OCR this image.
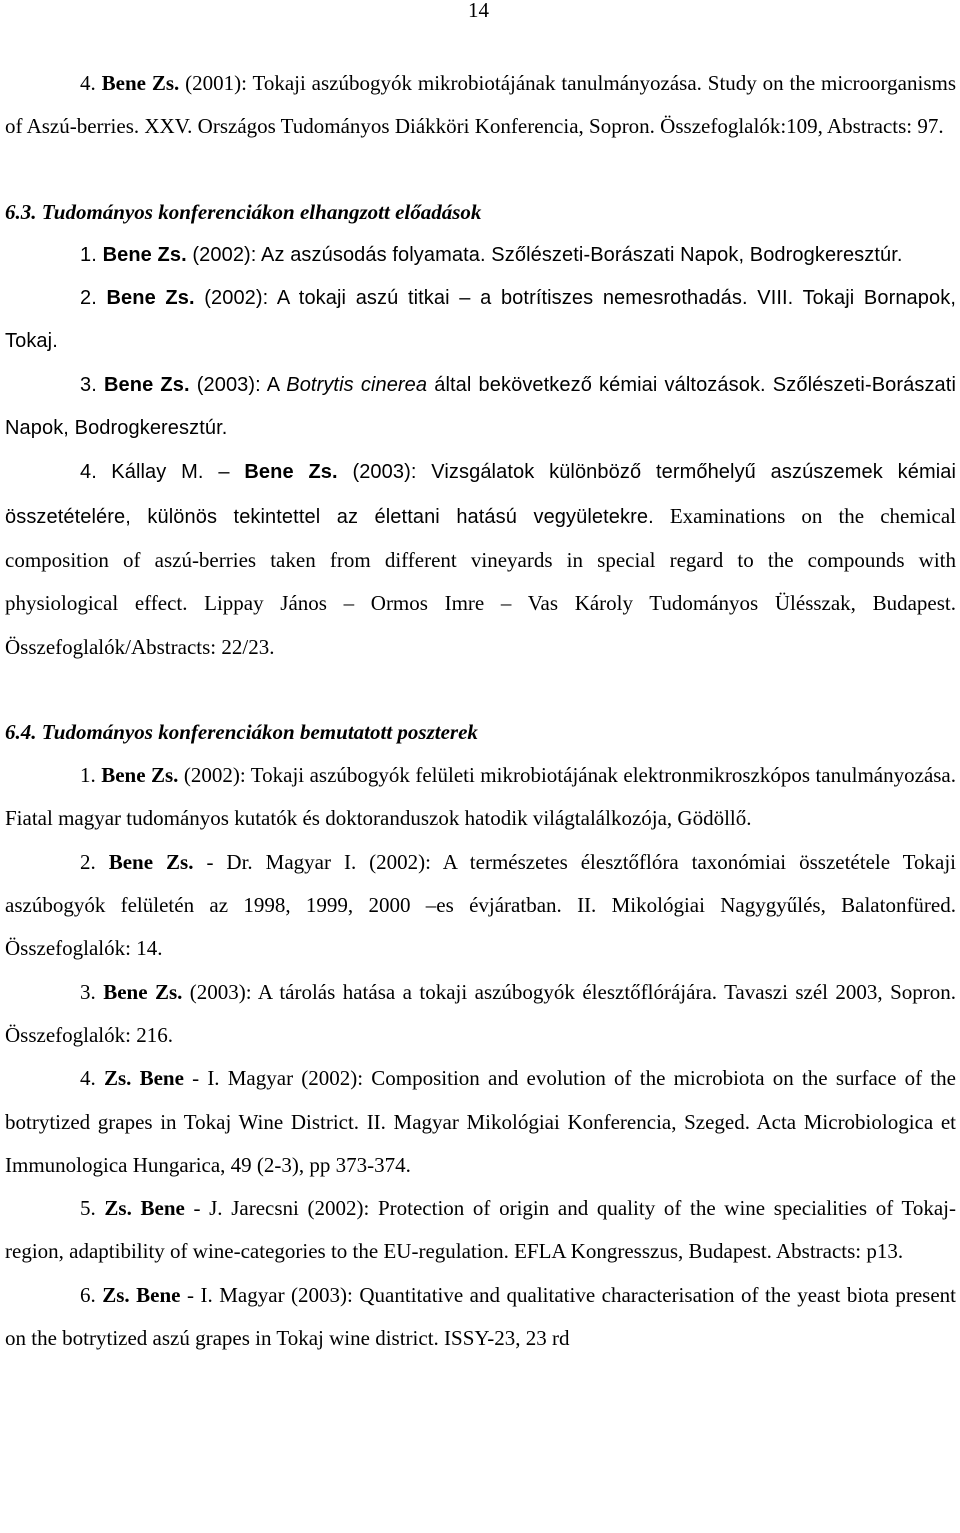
14

4. Bene Zs. (2001): Tokaji aszúbogyók mikrobiotájának tanulmányozása. Study on the microorganisms of Aszú-berries. XXV. Országos Tudományos Diákköri Konferencia, Sopron. Összefoglalók:109, Abstracts: 97.

6.3. Tudományos konferenciákon elhangzott előadások

1. Bene Zs. (2002): Az aszúsodás folyamata. Szőlészeti-Borászati Napok, Bodrogkeresztúr.

2. Bene Zs. (2002): A tokaji aszú titkai – a botrítiszes nemesrothadás. VIII. Tokaji Bornapok, Tokaj.

3. Bene Zs. (2003): A Botrytis cinerea által bekövetkező kémiai változások. Szőlészeti-Borászati Napok, Bodrogkeresztúr.

4. Kállay M. – Bene Zs. (2003): Vizsgálatok különböző termőhelyű aszúszemek kémiai összetételére, különös tekintettel az élettani hatású vegyületekre. Examinations on the chemical composition of aszú-berries taken from different vineyards in special regard to the compounds with physiological effect. Lippay János – Ormos Imre – Vas Károly Tudományos Ülésszak, Budapest. Összefoglalók/Abstracts: 22/23.

6.4. Tudományos konferenciákon bemutatott poszterek

1. Bene Zs. (2002): Tokaji aszúbogyók felületi mikrobiotájának elektronmikroszkópos tanulmányozása. Fiatal magyar tudományos kutatók és doktoranduszok hatodik világtalálkozója, Gödöllő.

2. Bene Zs. - Dr. Magyar I. (2002): A természetes élesztőflóra taxonómiai összetétele Tokaji aszúbogyók felületén az 1998, 1999, 2000 –es évjáratban. II. Mikológiai Nagygyűlés, Balatonfüred. Összefoglalók: 14.

3. Bene Zs. (2003): A tárolás hatása a tokaji aszúbogyók élesztőflórájára. Tavaszi szél 2003, Sopron. Összefoglalók: 216.

4. Zs. Bene - I. Magyar (2002): Composition and evolution of the microbiota on the surface of the botrytized grapes in Tokaj Wine District. II. Magyar Mikológiai Konferencia, Szeged. Acta Microbiologica et Immunologica Hungarica, 49 (2-3), pp 373-374.

5. Zs. Bene - J. Jarecsni (2002): Protection of origin and quality of the wine specialities of Tokaj-region, adaptibility of wine-categories to the EU-regulation. EFLA Kongresszus, Budapest. Abstracts: p13.

6. Zs. Bene - I. Magyar (2003): Quantitative and qualitative characterisation of the yeast biota present on the botrytized aszú grapes in Tokaj wine district. ISSY-23, 23 rd
